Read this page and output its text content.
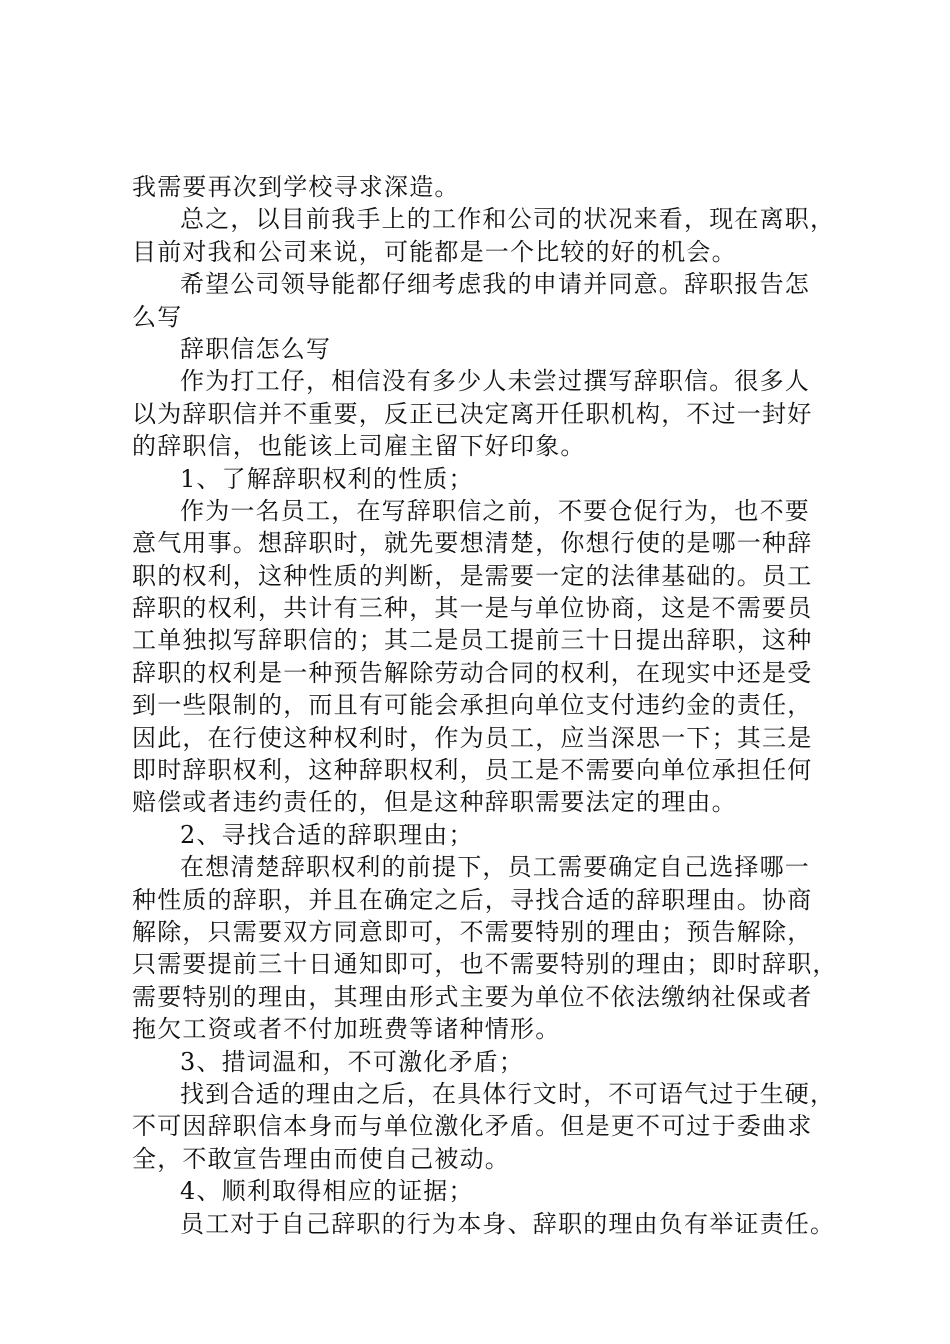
我需要再次到学校寻求深造。
总之，以目前我手上的工作和公司的状况来看，现在离职，
目前对我和公司来说，可能都是一个比较的好的机会。
希望公司领导能都仔细考虑我的申请并同意。辞职报告怎
么写
辞职信怎么写
作为打工仔，相信没有多少人未尝过撰写辞职信。很多人
以为辞职信并不重要，反正已决定离开任职机构，不过一封好
的辞职信，也能该上司雇主留下好印象。
1、了解辞职权利的性质；
作为一名员工，在写辞职信之前，不要仓促行为，也不要
意气用事。想辞职时，就先要想清楚，你想行使的是哪一种辞
职的权利，这种性质的判断，是需要一定的法律基础的。员工
辞职的权利，共计有三种，其一是与单位协商，这是不需要员
工单独拟写辞职信的；其二是员工提前三十日提出辞职，这种
辞职的权利是一种预告解除劳动合同的权利，在现实中还是受
到一些限制的，而且有可能会承担向单位支付违约金的责任，
因此，在行使这种权利时，作为员工，应当深思一下；其三是
即时辞职权利，这种辞职权利，员工是不需要向单位承担任何
赔偿或者违约责任的，但是这种辞职需要法定的理由。
2、寻找合适的辞职理由；
在想清楚辞职权利的前提下，员工需要确定自己选择哪一
种性质的辞职，并且在确定之后，寻找合适的辞职理由。协商
解除，只需要双方同意即可，不需要特别的理由；预告解除，
只需要提前三十日通知即可，也不需要特别的理由；即时辞职，
需要特别的理由，其理由形式主要为单位不依法缴纳社保或者
拖欠工资或者不付加班费等诸种情形。
3、措词温和，不可激化矛盾；
找到合适的理由之后，在具体行文时，不可语气过于生硬，
不可因辞职信本身而与单位激化矛盾。但是更不可过于委曲求
全，不敢宣告理由而使自己被动。
4、顺利取得相应的证据；
员工对于自己辞职的行为本身、辞职的理由负有举证责任。
